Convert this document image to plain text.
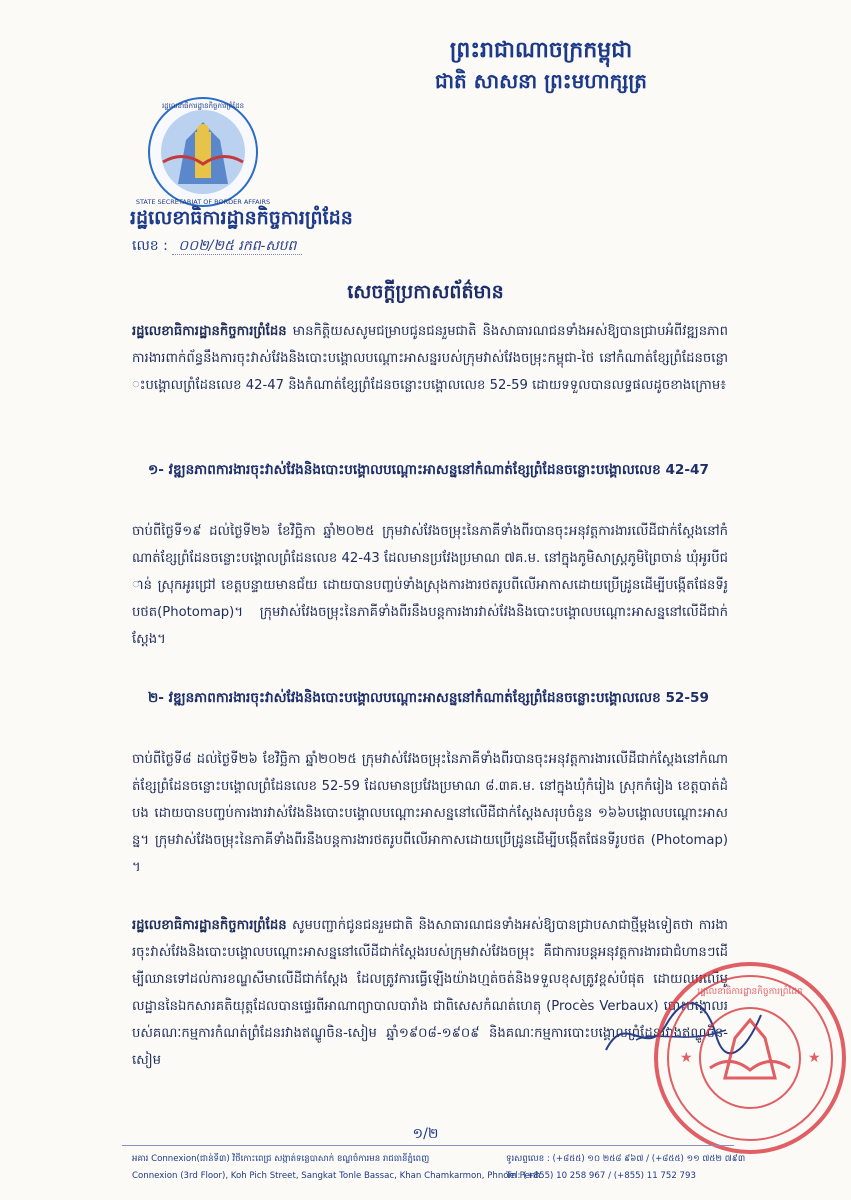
ព្រះរាជាណាចក្រកម្ពុជា
ជាតិ សាសនា ព្រះមហាក្សត្រ
រដ្ឋលេខាធិការដ្ឋានកិច្ចការព្រំដែន
STATE SECRETARIAT OF BORDER AFFAIRS
រដ្ឋលេខាធិការដ្ឋានកិច្ចការព្រំដែន
លេខ : ០០២/២៥ រកព-សបព
សេចក្តីប្រកាសព័ត៌មាន
រដ្ឋលេខាធិការដ្ឋានកិច្ចការព្រំដែន មានកិត្តិយសសូមជម្រាបជូនជនរួមជាតិ និងសាធារណជនទាំងអស់ឱ្យបានជ្រាបអំពីវឌ្ឍនភាពការងារពាក់ព័ន្ធនឹងការចុះវាស់វែងនិងបោះបង្គោលបណ្តោះអាសន្នរបស់ក្រុមវាស់វែងចម្រុះកម្ពុជា-ថៃ នៅកំណាត់ខ្សែព្រំដែនចន្លោះបង្គោលព្រំដែនលេខ 42-47 និងកំណាត់ខ្សែព្រំដែនចន្លោះបង្គោលលេខ 52-59 ដោយទទួលបានលទ្ធផលដូចខាងក្រោម៖
១- វឌ្ឍនភាពការងារចុះវាស់វែងនិងបោះបង្គោលបណ្តោះអាសន្ននៅកំណាត់ខ្សែព្រំដែនចន្លោះបង្គោលលេខ 42-47
ចាប់ពីថ្ងៃទី១៩ ដល់ថ្ងៃទី២៦ ខែវិច្ឆិកា ឆ្នាំ២០២៥ ក្រុមវាស់វែងចម្រុះនៃភាគីទាំងពីរបានចុះអនុវត្តការងារលើដីជាក់ស្តែងនៅកំណាត់ខ្សែព្រំដែនចន្លោះបង្គោលព្រំដែនលេខ 42-43 ដែលមានប្រវែងប្រមាណ ៧គ.ម. នៅក្នុងភូមិសាស្ត្រភូមិព្រៃចាន់ ឃុំអូរបីជាន់ ស្រុកអូរជ្រៅ ខេត្តបន្ទាយមានជ័យ ដោយបានបញ្ចប់ទាំងស្រុងការងារថតរូបពីលើអាកាសដោយប្រើដ្រូនដើម្បីបង្កើតផែនទីរូបថត(Photomap)។ ក្រុមវាស់វែងចម្រុះនៃភាគីទាំងពីរនឹងបន្តការងារវាស់វែងនិងបោះបង្គោលបណ្តោះអាសន្ននៅលើដីជាក់ស្តែង។
២- វឌ្ឍនភាពការងារចុះវាស់វែងនិងបោះបង្គោលបណ្តោះអាសន្ននៅកំណាត់ខ្សែព្រំដែនចន្លោះបង្គោលលេខ 52-59
ចាប់ពីថ្ងៃទី៨ ដល់ថ្ងៃទី២៦ ខែវិច្ឆិកា ឆ្នាំ២០២៥ ក្រុមវាស់វែងចម្រុះនៃភាគីទាំងពីរបានចុះអនុវត្តការងារលើដីជាក់ស្តែងនៅកំណាត់ខ្សែព្រំដែនចន្លោះបង្គោលព្រំដែនលេខ 52-59 ដែលមានប្រវែងប្រមាណ ៨.៣គ.ម. នៅក្នុងឃុំកំរៀង ស្រុកកំរៀង ខេត្តបាត់ដំបង ដោយបានបញ្ចប់ការងារវាស់វែងនិងបោះបង្គោលបណ្តោះអាសន្ននៅលើដីជាក់ស្តែងសរុបចំនួន ១៦៦បង្គោលបណ្តោះអាសន្ន។ ក្រុមវាស់វែងចម្រុះនៃភាគីទាំងពីរនឹងបន្តការងារថតរូបពីលើអាកាសដោយប្រើដ្រូនដើម្បីបង្កើតផែនទីរូបថត (Photomap)។
រដ្ឋលេខាធិការដ្ឋានកិច្ចការព្រំដែន សូមបញ្ជាក់ជូនជនរួមជាតិ និងសាធារណជនទាំងអស់ឱ្យបានជ្រាបសាជាថ្មីម្តងទៀតថា ការងារចុះវាស់វែងនិងបោះបង្គោលបណ្តោះអាសន្ននៅលើដីជាក់ស្តែងរបស់ក្រុមវាស់វែងចម្រុះ គឺជាការបន្តអនុវត្តការងារជាជំហានៗដើម្បីឈានទៅដល់ការខណ្ឌសីមាលើដីជាក់ស្តែង ដែលត្រូវការធ្វើឡើងយ៉ាងហ្មត់ចត់និងទទួលខុសត្រូវខ្ពស់បំផុត ដោយឈរលើមូលដ្ឋាននៃឯកសារគតិយុត្តដែលបានផ្ទេរពីអាណាព្យាបាលបារាំង ជាពិសេសកំណត់ហេតុ (Procès Verbaux) បោះបង្គោលរបស់គណៈកម្មការកំណត់ព្រំដែនរវាងឥណ្ឌូចិន-សៀម ឆ្នាំ១៩០៨-១៩០៩ និងគណៈកម្មការបោះបង្គោលព្រំដែនរវាងឥណ្ឌូចិន-សៀម
រដ្ឋលេខាធិការដ្ឋានកិច្ចការព្រំដែន
★	★
១/២
អគារ Connexion(ជាន់ទី៣) វិថីកោះពេជ្រ សង្កាត់ទន្លេបាសាក់ ខណ្ឌចំការមន រាជធានីភ្នំពេញ
Connexion (3rd Floor), Koh Pich Street, Sangkat Tonle Bassac, Khan Chamkarmon, Phnom Penh
ទូរសព្ទលេខ : (+៨៥៥) ១០ ២៥៨ ៩៦៧ / (+៨៥៥) ១១ ៧៥២ ៧៩៣
Tel: (+855) 10 258 967 / (+855) 11 752 793
